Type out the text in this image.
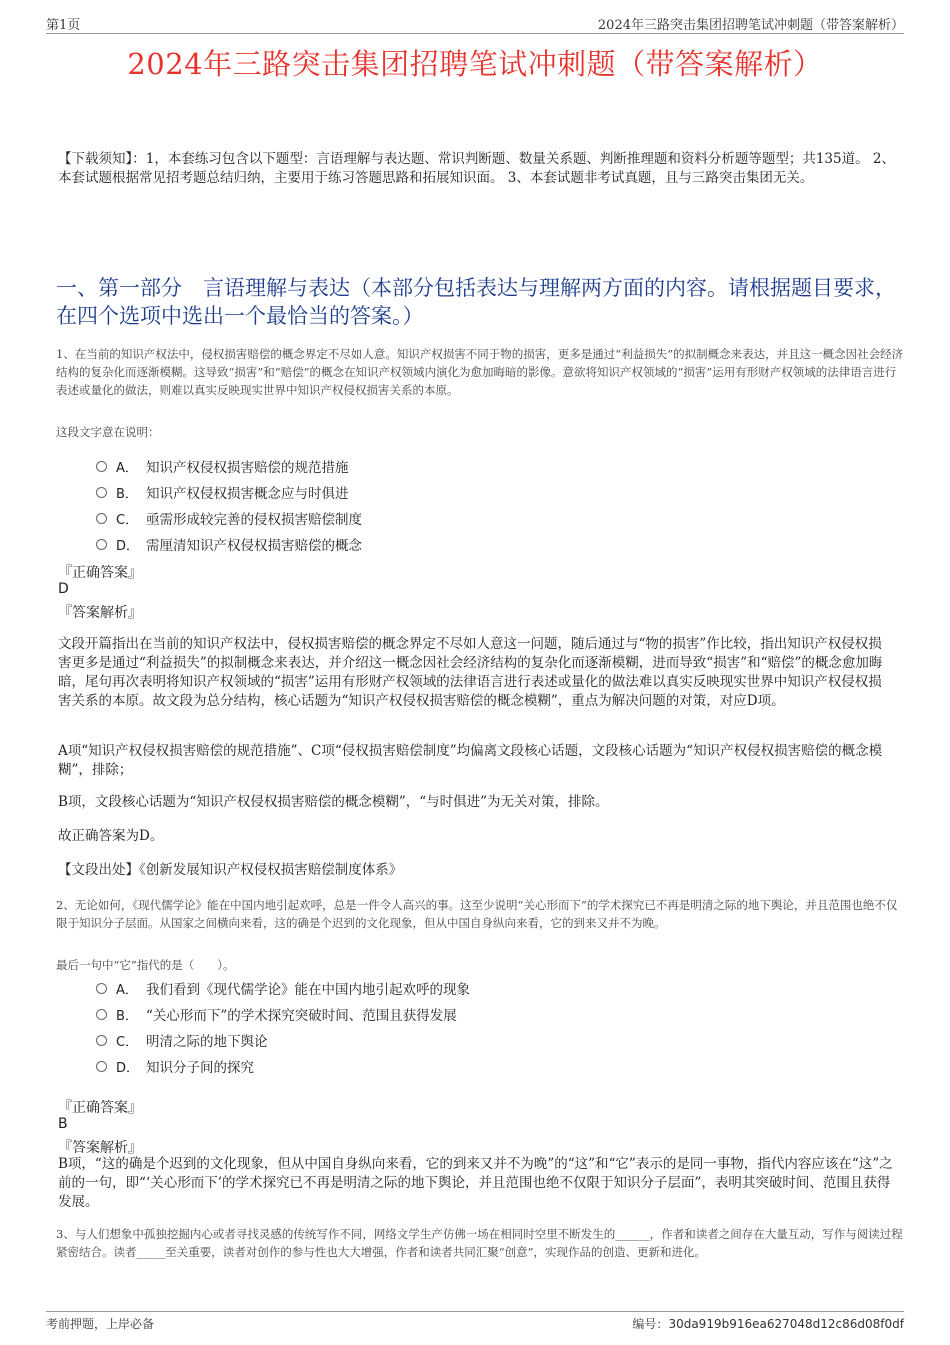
第1页	2024年三路突击集团招聘笔试冲刺题（带答案解析）
2024年三路突击集团招聘笔试冲刺题（带答案解析）
【下载须知】：1，本套练习包含以下题型：言语理解与表达题、常识判断题、数量关系题、判断推理题和资料分析题等题型；共135道。 2、本套试题根据常见招考题总结归纳，主要用于练习答题思路和拓展知识面。 3、本套试题非考试真题，且与三路突击集团无关。
一、第一部分　言语理解与表达（本部分包括表达与理解两方面的内容。请根据题目要求，在四个选项中选出一个最恰当的答案。）
1、在当前的知识产权法中，侵权损害赔偿的概念界定不尽如人意。知识产权损害不同于物的损害，更多是通过“利益损失”的拟制概念来表达，并且这一概念因社会经济结构的复杂化而逐渐模糊。这导致“损害”和“赔偿”的概念在知识产权领域内演化为愈加晦暗的影像。意欲将知识产权领域的“损害”运用有形财产权领域的法律语言进行表述或量化的做法，则难以真实反映现实世界中知识产权侵权损害关系的本原。
这段文字意在说明：
A． 知识产权侵权损害赔偿的规范措施
B． 知识产权侵权损害概念应与时俱进
C． 亟需形成较完善的侵权损害赔偿制度
D． 需厘清知识产权侵权损害赔偿的概念
『正确答案』
D
『答案解析』
文段开篇指出在当前的知识产权法中，侵权损害赔偿的概念界定不尽如人意这一问题，随后通过与“物的损害”作比较，指出知识产权侵权损害更多是通过“利益损失”的拟制概念来表达，并介绍这一概念因社会经济结构的复杂化而逐渐模糊，进而导致“损害”和“赔偿”的概念愈加晦暗，尾句再次表明将知识产权领域的“损害”运用有形财产权领域的法律语言进行表述或量化的做法难以真实反映现实世界中知识产权侵权损害关系的本原。故文段为总分结构，核心话题为“知识产权侵权损害赔偿的概念模糊”，重点为解决问题的对策，对应D项。
A项“知识产权侵权损害赔偿的规范措施”、C项“侵权损害赔偿制度”均偏离文段核心话题，文段核心话题为“知识产权侵权损害赔偿的概念模糊”，排除；
B项，文段核心话题为“知识产权侵权损害赔偿的概念模糊”，“与时俱进”为无关对策，排除。
故正确答案为D。
【文段出处】《创新发展知识产权侵权损害赔偿制度体系》
2、无论如何，《现代儒学论》能在中国内地引起欢呼，总是一件令人高兴的事。这至少说明“关心形而下”的学术探究已不再是明清之际的地下舆论，并且范围也绝不仅限于知识分子层面。从国家之间横向来看，这的确是个迟到的文化现象，但从中国自身纵向来看，它的到来又并不为晚。
最后一句中“它”指代的是（　　）。
A． 我们看到《现代儒学论》能在中国内地引起欢呼的现象
B． “关心形而下”的学术探究突破时间、范围且获得发展
C． 明清之际的地下舆论
D． 知识分子间的探究
『正确答案』
B
『答案解析』
B项，“这的确是个迟到的文化现象，但从中国自身纵向来看，它的到来又并不为晚”的“这”和“它”表示的是同一事物，指代内容应该在“这”之前的一句，即“‘关心形而下’的学术探究已不再是明清之际的地下舆论，并且范围也绝不仅限于知识分子层面”，表明其突破时间、范围且获得发展。
3、与人们想象中孤独挖掘内心或者寻找灵感的传统写作不同，网络文学生产仿佛一场在相同时空里不断发生的______，作者和读者之间存在大量互动，写作与阅读过程紧密结合。读者_____至关重要，读者对创作的参与性也大大增强，作者和读者共同汇聚“创意”，实现作品的创造、更新和进化。
考前押题，上岸必备	编号：30da919b916ea627048d12c86d08f0df
